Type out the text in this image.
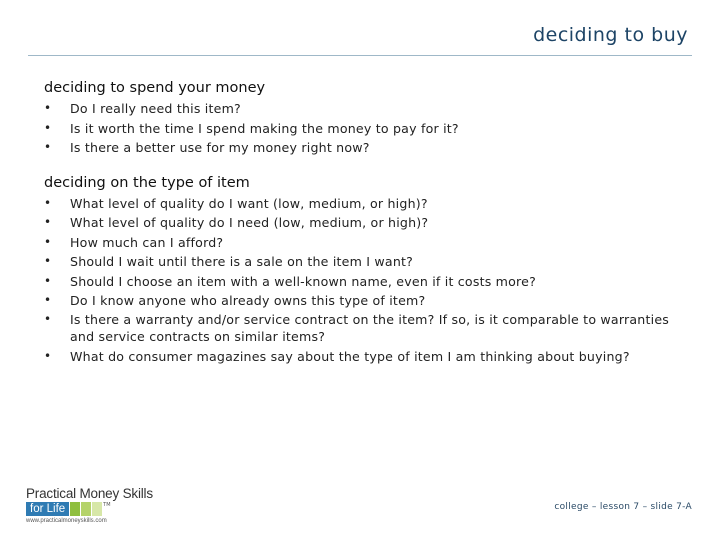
deciding to buy
deciding to spend your money
• Do I really need this item?
• Is it worth the time I spend making the money to pay for it?
• Is there a better use for my money right now?
deciding on the type of item
• What level of quality do I want (low, medium, or high)?
• What level of quality do I need (low, medium, or high)?
• How much can I afford?
• Should I wait until there is a sale on the item I want?
• Should I choose an item with a well-known name, even if it costs more?
• Do I know anyone who already owns this type of item?
• Is there a warranty and/or service contract on the item? If so, is it comparable to warranties and service contracts on similar items?
• What do consumer magazines say about the type of item I am thinking about buying?
Practical Money Skills
for Life	TM
www.practicalmoneyskills.com
college – lesson 7 – slide 7-A
